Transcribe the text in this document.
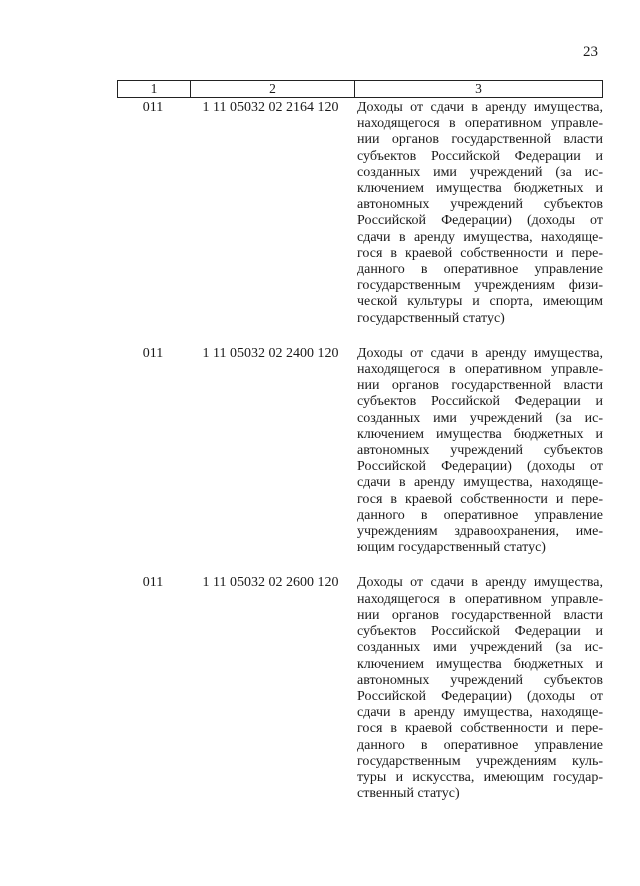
23
1	2	3
011	1 11 05032 02 2164 120	Доходы от сдачи в аренду имущества,
находящегося в оперативном управле-
нии органов государственной власти
субъектов Российской Федерации и
созданных ими учреждений (за ис-
ключением имущества бюджетных и
автономных учреждений субъектов
Российской Федерации) (доходы от
сдачи в аренду имущества, находяще-
гося в краевой собственности и пере-
данного в оперативное управление
государственным учреждениям физи-
ческой культуры и спорта, имеющим
государственный статус)
011	1 11 05032 02 2400 120	Доходы от сдачи в аренду имущества,
находящегося в оперативном управле-
нии органов государственной власти
субъектов Российской Федерации и
созданных ими учреждений (за ис-
ключением имущества бюджетных и
автономных учреждений субъектов
Российской Федерации) (доходы от
сдачи в аренду имущества, находяще-
гося в краевой собственности и пере-
данного в оперативное управление
учреждениям здравоохранения, име-
ющим государственный статус)
011	1 11 05032 02 2600 120	Доходы от сдачи в аренду имущества,
находящегося в оперативном управле-
нии органов государственной власти
субъектов Российской Федерации и
созданных ими учреждений (за ис-
ключением имущества бюджетных и
автономных учреждений субъектов
Российской Федерации) (доходы от
сдачи в аренду имущества, находяще-
гося в краевой собственности и пере-
данного в оперативное управление
государственным учреждениям куль-
туры и искусства, имеющим государ-
ственный статус)
